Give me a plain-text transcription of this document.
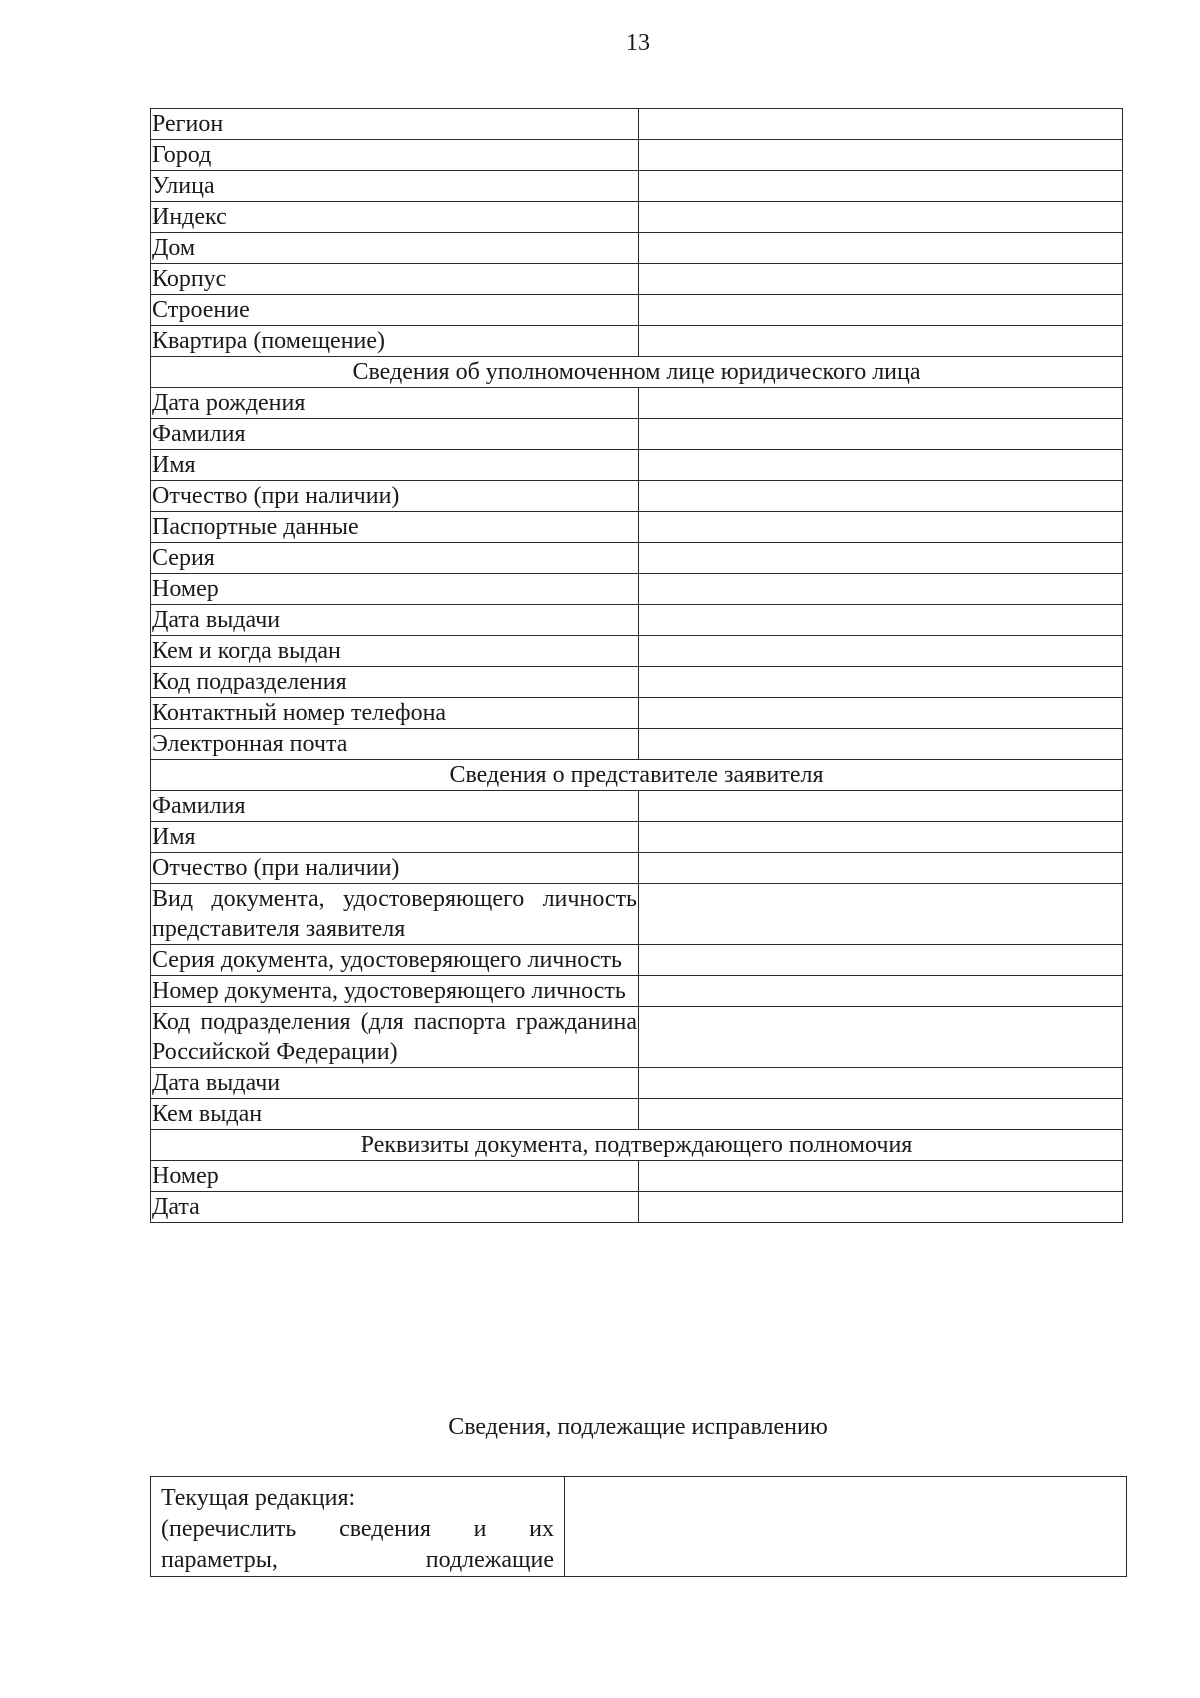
13
Регион	
Город	
Улица	
Индекс	
Дом	
Корпус	
Строение	
Квартира (помещение)	
Сведения об уполномоченном лице юридического лица	
Дата рождения	
Фамилия	
Имя	
Отчество (при наличии)	
Паспортные данные	
Серия	
Номер	
Дата выдачи	
Кем и когда выдан	
Код подразделения	
Контактный номер телефона	
Электронная почта	
Сведения о представителе заявителя	
Фамилия	
Имя	
Отчество (при наличии)	
Вид документа, удостоверяющего личность представителя заявителя	
Серия документа, удостоверяющего личность	
Номер документа, удостоверяющего личность	
Код подразделения (для паспорта гражданина Российской Федерации)	
Дата выдачи	
Кем выдан	
Реквизиты документа, подтверждающего полномочия	
Номер	
Дата	
Сведения, подлежащие исправлению
Текущая редакция:
(перечислить сведения и их
параметры, подлежащие
